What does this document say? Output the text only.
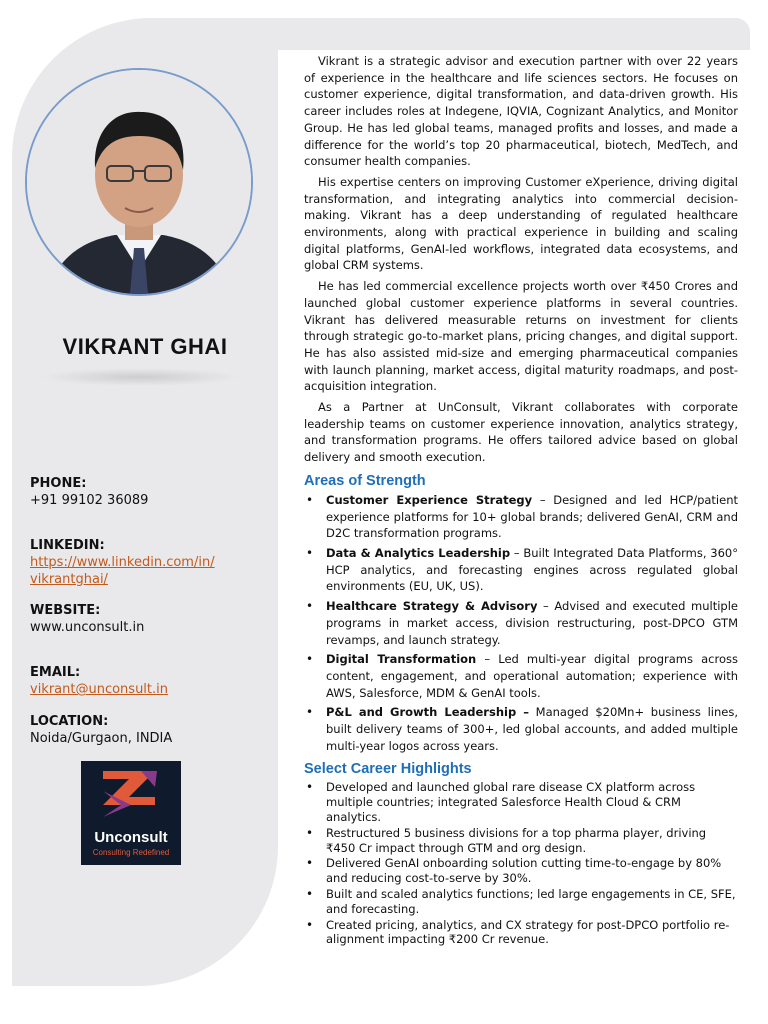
VIKRANT GHAI
PHONE:
+91 99102 36089
LINKEDIN:
https://www.linkedin.com/in/
vikrantghai/
WEBSITE:
www.unconsult.in
EMAIL:
vikrant@unconsult.in
LOCATION:
Noida/Gurgaon, INDIA
Unconsult
Consulting Redefined

Vikrant is a strategic advisor and execution partner with over 22 years of experience in the healthcare and life sciences sectors. He focuses on customer experience, digital transformation, and data-driven growth. His career includes roles at Indegene, IQVIA, Cognizant Analytics, and Monitor Group. He has led global teams, managed profits and losses, and made a difference for the world’s top 20 pharmaceutical, biotech, MedTech, and consumer health companies.

His expertise centers on improving Customer eXperience, driving digital transformation, and integrating analytics into commercial decision-making. Vikrant has a deep understanding of regulated healthcare environments, along with practical experience in building and scaling digital platforms, GenAI-led workflows, integrated data ecosystems, and global CRM systems.

He has led commercial excellence projects worth over ₹450 Crores and launched global customer experience platforms in several countries. Vikrant has delivered measurable returns on investment for clients through strategic go-to-market plans, pricing changes, and digital support. He has also assisted mid-size and emerging pharmaceutical companies with launch planning, market access, digital maturity roadmaps, and post-acquisition integration.

As a Partner at UnConsult, Vikrant collaborates with corporate leadership teams on customer experience innovation, analytics strategy, and transformation programs. He offers tailored advice based on global delivery and smooth execution.

Areas of Strength
• Customer Experience Strategy – Designed and led HCP/patient experience platforms for 10+ global brands; delivered GenAI, CRM and D2C transformation programs.
• Data & Analytics Leadership – Built Integrated Data Platforms, 360° HCP analytics, and forecasting engines across regulated global environments (EU, UK, US).
• Healthcare Strategy & Advisory – Advised and executed multiple programs in market access, division restructuring, post-DPCO GTM revamps, and launch strategy.
• Digital Transformation – Led multi-year digital programs across content, engagement, and operational automation; experience with AWS, Salesforce, MDM & GenAI tools.
• P&L and Growth Leadership – Managed $20Mn+ business lines, built delivery teams of 300+, led global accounts, and added multiple multi-year logos across years.
Select Career Highlights
• Developed and launched global rare disease CX platform across multiple countries; integrated Salesforce Health Cloud & CRM analytics.
• Restructured 5 business divisions for a top pharma player, driving ₹450 Cr impact through GTM and org design.
• Delivered GenAI onboarding solution cutting time-to-engage by 80% and reducing cost-to-serve by 30%.
• Built and scaled analytics functions; led large engagements in CE, SFE, and forecasting.
• Created pricing, analytics, and CX strategy for post-DPCO portfolio re-alignment impacting ₹200 Cr revenue.
